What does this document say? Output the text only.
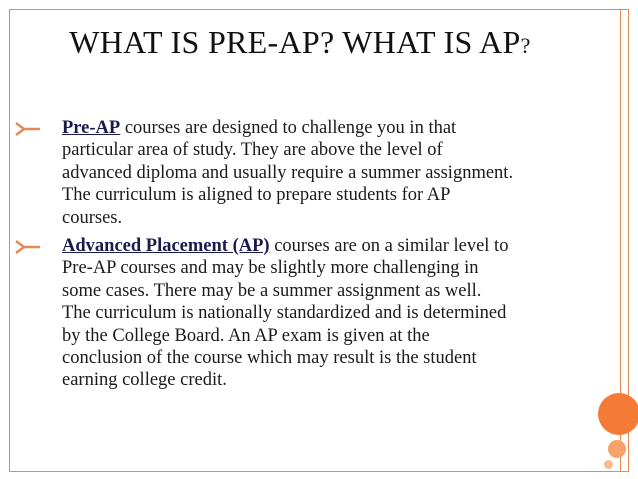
WHAT IS PRE-AP? WHAT IS AP?
Pre-AP courses are designed to challenge you in that particular area of study. They are above the level of advanced diploma and usually require a summer assignment. The curriculum is aligned to prepare students for AP courses.
Advanced Placement (AP) courses are on a similar level to Pre-AP courses and may be slightly more challenging in some cases. There may be a summer assignment as well. The curriculum is nationally standardized and is determined by the College Board. An AP exam is given at the conclusion of the course which may result is the student earning college credit.
